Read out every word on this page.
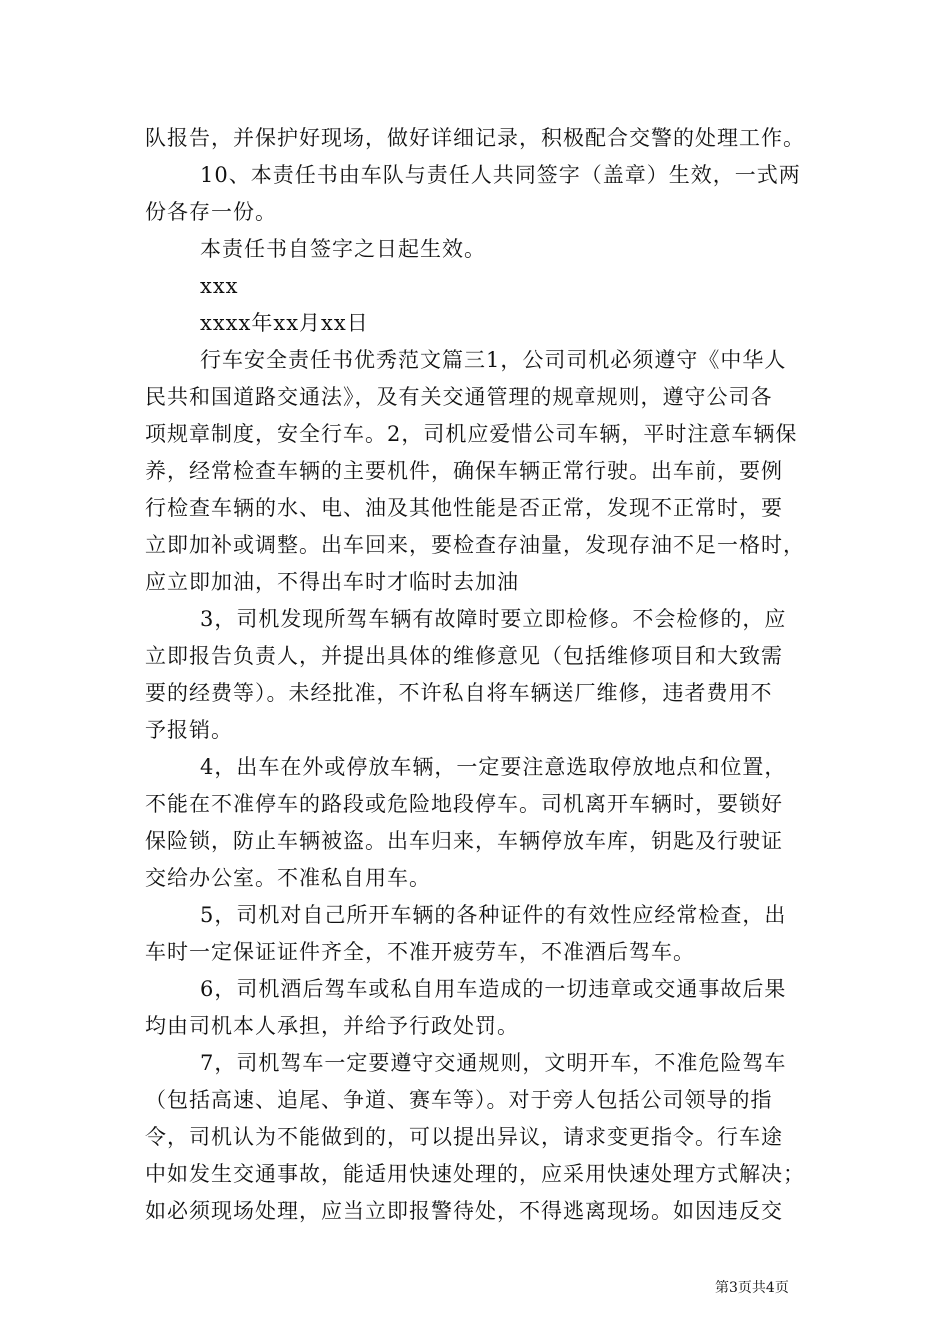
队报告，并保护好现场，做好详细记录，积极配合交警的处理工作。
10、本责任书由车队与责任人共同签字（盖章）生效，一式两
份各存一份。
本责任书自签字之日起生效。
xxx
xxxx年xx月xx日
行车安全责任书优秀范文篇三1，公司司机必须遵守《中华人
民共和国道路交通法》，及有关交通管理的规章规则，遵守公司各
项规章制度，安全行车。2，司机应爱惜公司车辆，平时注意车辆保
养，经常检查车辆的主要机件，确保车辆正常行驶。出车前，要例
行检查车辆的水、电、油及其他性能是否正常，发现不正常时，要
立即加补或调整。出车回来，要检查存油量，发现存油不足一格时，
应立即加油，不得出车时才临时去加油
3，司机发现所驾车辆有故障时要立即检修。不会检修的，应
立即报告负责人，并提出具体的维修意见（包括维修项目和大致需
要的经费等）。未经批准，不许私自将车辆送厂维修，违者费用不
予报销。
4，出车在外或停放车辆，一定要注意选取停放地点和位置，
不能在不准停车的路段或危险地段停车。司机离开车辆时，要锁好
保险锁，防止车辆被盗。出车归来，车辆停放车库，钥匙及行驶证
交给办公室。不准私自用车。
5，司机对自己所开车辆的各种证件的有效性应经常检查，出
车时一定保证证件齐全，不准开疲劳车，不准酒后驾车。
6，司机酒后驾车或私自用车造成的一切违章或交通事故后果
均由司机本人承担，并给予行政处罚。
7，司机驾车一定要遵守交通规则，文明开车，不准危险驾车
（包括高速、追尾、争道、赛车等）。对于旁人包括公司领导的指
令，司机认为不能做到的，可以提出异议，请求变更指令。行车途
中如发生交通事故，能适用快速处理的，应采用快速处理方式解决；
如必须现场处理，应当立即报警待处，不得逃离现场。如因违反交
第3页共4页
